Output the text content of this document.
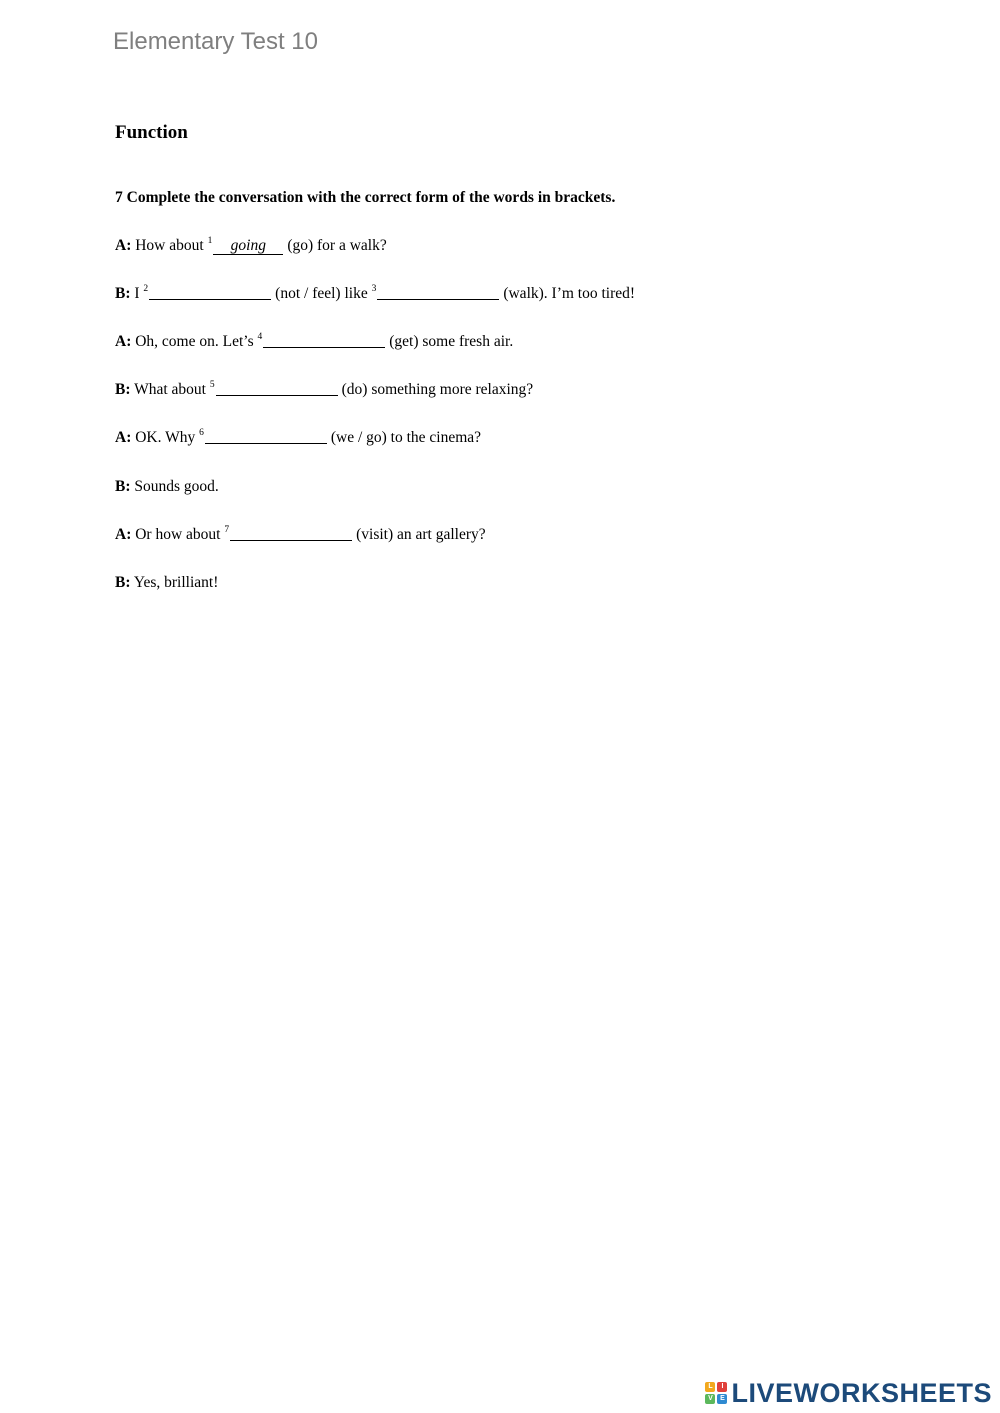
Elementary Test 10
Function
7 Complete the conversation with the correct form of the words in brackets.
A: How about $^1$ going (go) for a walk?
B: I $^2$	(not / feel) like $^3$	(walk). I’m too tired!
A: Oh, come on. Let’s $^4$	(get) some fresh air.
B: What about $^5$	(do) something more relaxing?
A: OK. Why $^6$	(we / go) to the cinema?
B: Sounds good.
A: Or how about $^7$	(visit) an art gallery?
B: Yes, brilliant!
L	I
V	E LIVEWORKSHEETS
